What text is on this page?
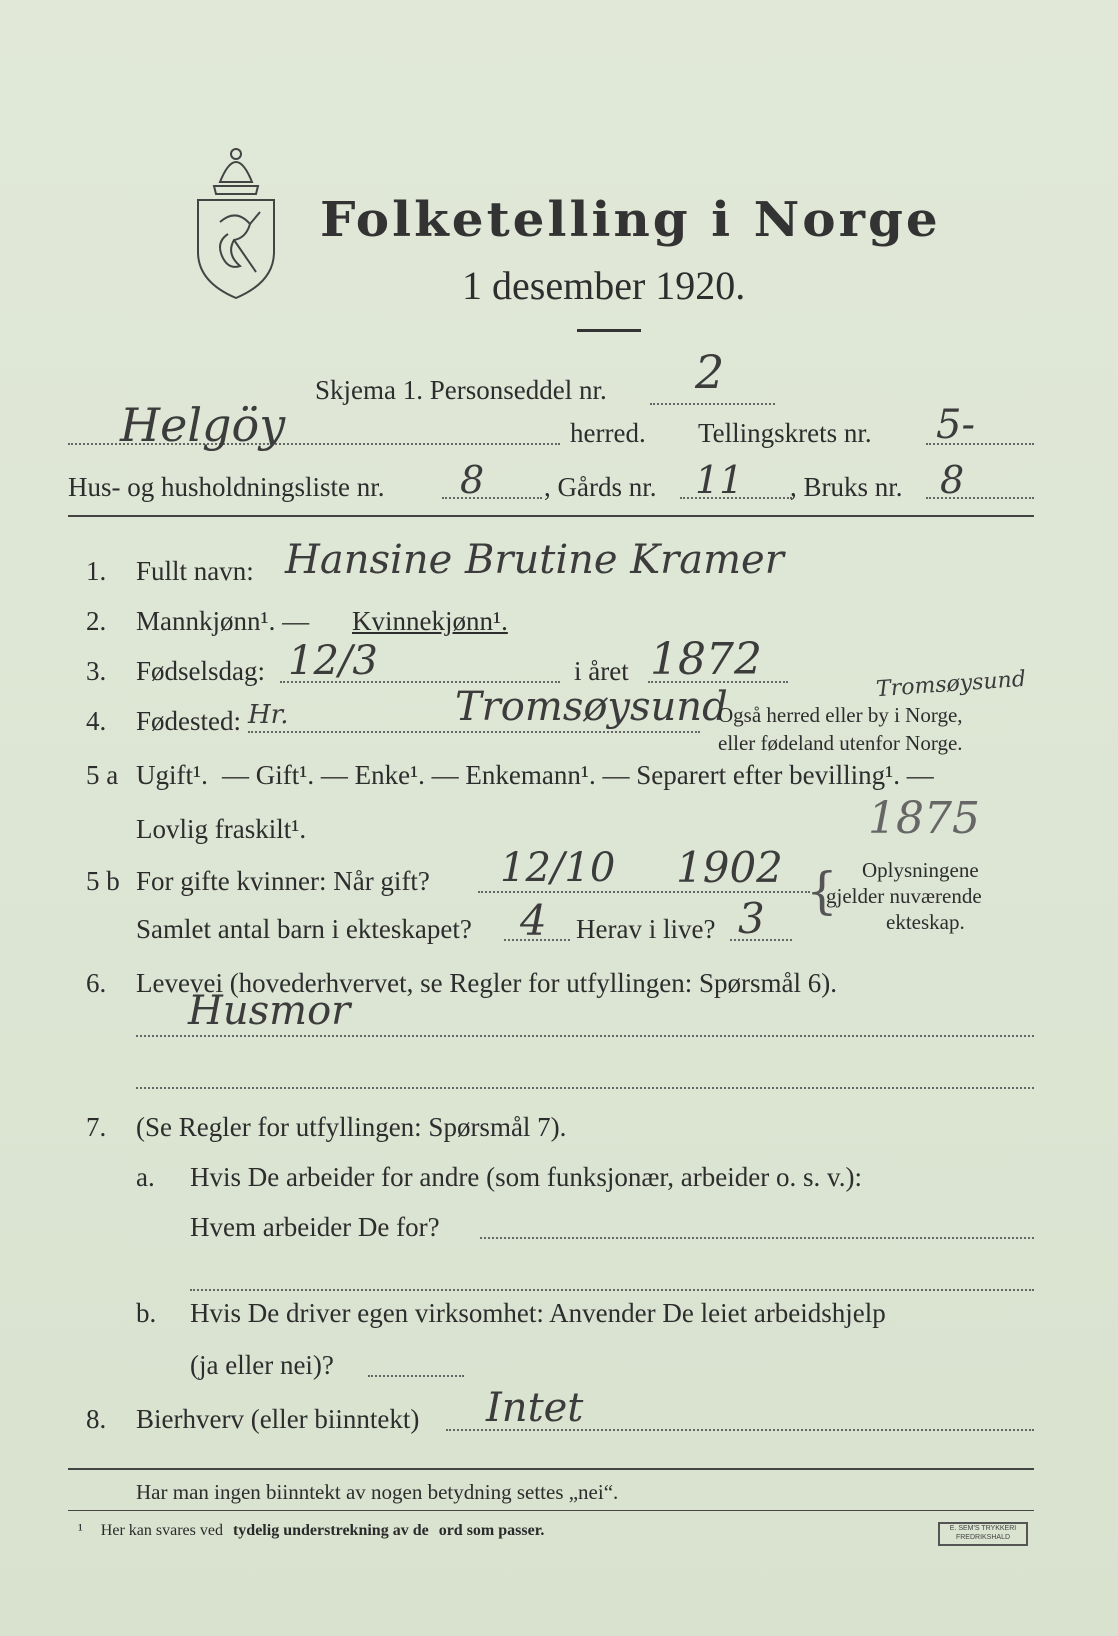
Folketelling i Norge
1 desember 1920.
Skjema 1. Personseddel nr. 2
Helgöy	herred. Tellingskrets nr. 5-
Hus- og husholdningsliste nr. 8 , Gårds nr. 11 , Bruks nr. 8
1. Fullt navn: Hansine Brutine Kramer
2. Mannkjønn¹. — Kvinnekjønn¹.
3. Fødselsdag: 12/3	i året 1872	Tromsøysund
4. Fødested: Hr.	Tromsøysund
Også herred eller by i Norge,
eller fødeland utenfor Norge.
5 a Ugift¹. — Gift¹. — Enke¹. — Enkemann¹. — Separert efter bevilling¹. —
Lovlig fraskilt¹.	1875
5 b For gifte kvinner: Når gift? 12/10 1902
Samlet antal barn i ekteskapet? 4 Herav i live? 3 { Oplysningene
gjelder nuværende
ekteskap.
6. Levevei (hovederhvervet, se Regler for utfyllingen: Spørsmål 6).
Husmor
7. (Se Regler for utfyllingen: Spørsmål 7).
a. Hvis De arbeider for andre (som funksjonær, arbeider o. s. v.):
Hvem arbeider De for?
b. Hvis De driver egen virksomhet: Anvender De leiet arbeidshjelp
(ja eller nei)?
8. Bierhverv (eller biinntekt) Intet
Har man ingen biinntekt av nogen betydning settes „nei“.
¹ Her kan svares ved tydelig understrekning av de ord som passer.	E. SEM'S TRYKKERI FREDRIKSHALD
